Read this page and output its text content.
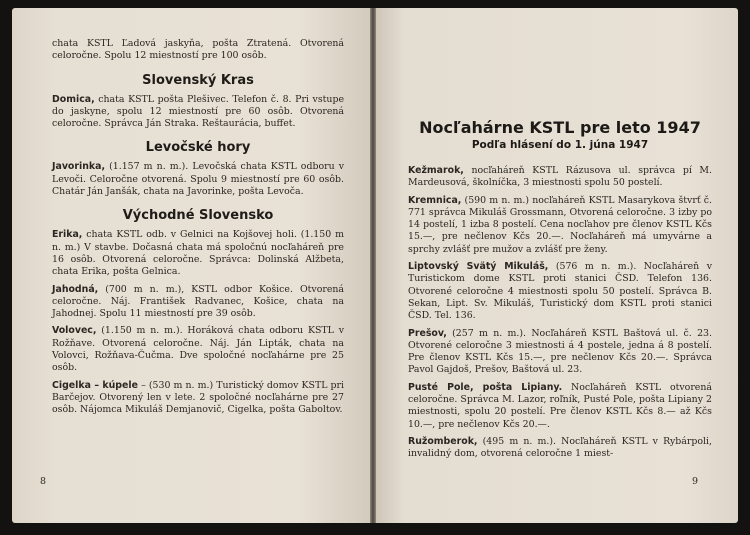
chata KSTL Ľadová jaskyňa, pošta Ztratená. Otvorená celoročne. Spolu 12 miestností pre 100 osôb.

Slovenský Kras

Domica, chata KSTL pošta Plešivec. Telefon č. 8. Pri vstupe do jaskyne, spolu 12 miestností pre 60 osôb. Otvorená celoročne. Správca Ján Straka. Reštaurácia, buffet.

Levočské hory

Javorinka, (1.157 m n. m.). Levočská chata KSTL odboru v Levoči. Celoročne otvorená. Spolu 9 miestností pre 60 osôb. Chatár Ján Janšák, chata na Javorinke, pošta Levoča.

Východné Slovensko

Erika, chata KSTL odb. v Gelnici na Kojšovej holi. (1.150 m n. m.) V stavbe. Dočasná chata má spoločnú nocľaháreň pre 16 osôb. Otvorená celoročne. Správca: Dolinská Alžbeta, chata Erika, pošta Gelnica.

Jahodná, (700 m n. m.), KSTL odbor Košice. Otvorená celoročne. Náj. František Radvanec, Košice, chata na Jahodnej. Spolu 11 miestností pre 39 osôb.

Volovec, (1.150 m n. m.). Horáková chata odboru KSTL v Rožňave. Otvorená celoročne. Náj. Ján Lipták, chata na Volovci, Rožňava-Čučma. Dve spoločné nocľahárne pre 25 osôb.

Cigelka – kúpele – (530 m n. m.) Turistický domov KSTL pri Barčejov. Otvorený len v lete. 2 spoločné nocľahárne pre 27 osôb. Nájomca Mikuláš Demjanovič, Cigelka, pošta Gaboltov.

8
Nocľahárne KSTL pre leto 1947
Podľa hlásení do 1. júna 1947

Kežmarok, nocľaháreň KSTL Rázusova ul. správca pí M. Mardeusová, školníčka, 3 miestnosti spolu 50 postelí.

Kremnica, (590 m n. m.) nocľaháreň KSTL Masarykova štvrť č. 771 správca Mikuláš Grossmann, Otvorená celoročne. 3 izby po 14 postelí, 1 izba 8 postelí. Cena nocľahov pre členov KSTL Kčs 15.—, pre nečlenov Kčs 20.—. Nocľaháreň má umyvárne a sprchy zvlášť pre mužov a zvlášť pre ženy.

Liptovský Svätý Mikuláš, (576 m n. m.). Nocľaháreň v Turistickom dome KSTL proti stanici ČSD. Telefon 136. Otvorené celoročne 4 miestnosti spolu 50 postelí. Správca B. Sekan, Lipt. Sv. Mikuláš, Turistický dom KSTL proti stanici ČSD. Tel. 136.

Prešov, (257 m n. m.). Nocľaháreň KSTL Baštová ul. č. 23. Otvorené celoročne 3 miestnosti á 4 postele, jedna á 8 postelí. Pre členov KSTL Kčs 15.—, pre nečlenov Kčs 20.—. Správca Pavol Gajdoš, Prešov, Baštová ul. 23.

Pusté Pole, pošta Lipiany. Nocľaháreň KSTL otvorená celoročne. Správca M. Lazor, roľník, Pusté Pole, pošta Lipiany 2 miestnosti, spolu 20 postelí. Pre členov KSTL Kčs 8.— až Kčs 10.—, pre nečlenov Kčs 20.—.

Ružomberok, (495 m n. m.). Nocľaháreň KSTL v Rybárpoli, invalidný dom, otvorená celoročne 1 miest-

9
